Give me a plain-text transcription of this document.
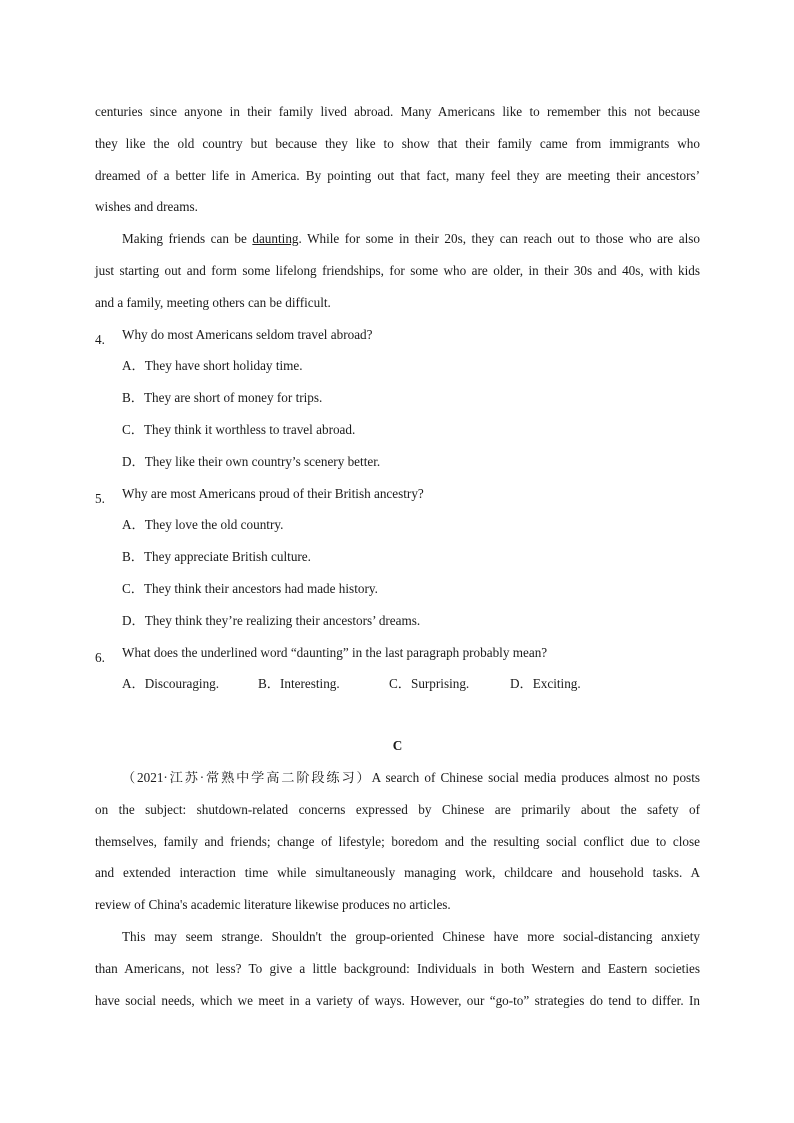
centuries since anyone in their family lived abroad. Many Americans like to remember this not because
they like the old country but because they like to show that their family came from immigrants who
dreamed of a better life in America. By pointing out that fact, many feel they are meeting their ancestors’
wishes and dreams.
Making friends can be daunting. While for some in their 20s, they can reach out to those who are also
just starting out and form some lifelong friendships, for some who are older, in their 30s and 40s, with kids
and a family, meeting others can be difficult.
4. Why do most Americans seldom travel abroad?
A．They have short holiday time.
B．They are short of money for trips.
C．They think it worthless to travel abroad.
D．They like their own country’s scenery better.
5. Why are most Americans proud of their British ancestry?
A．They love the old country.
B．They appreciate British culture.
C．They think their ancestors had made history.
D．They think they’re realizing their ancestors’ dreams.
6. What does the underlined word “daunting” in the last paragraph probably mean?
A．Discouraging.	B．Interesting.	C．Surprising.	D．Exciting.
C
（2021·江苏·常熟中学高二阶段练习）A search of Chinese social media produces almost no posts
on the subject: shutdown-related concerns expressed by Chinese are primarily about the safety of
themselves, family and friends; change of lifestyle; boredom and the resulting social conflict due to close
and extended interaction time while simultaneously managing work, childcare and household tasks. A
review of China's academic literature likewise produces no articles.
This may seem strange. Shouldn't the group-oriented Chinese have more social-distancing anxiety
than Americans, not less? To give a little background: Individuals in both Western and Eastern societies
have social needs, which we meet in a variety of ways. However, our “go-to” strategies do tend to differ. In
